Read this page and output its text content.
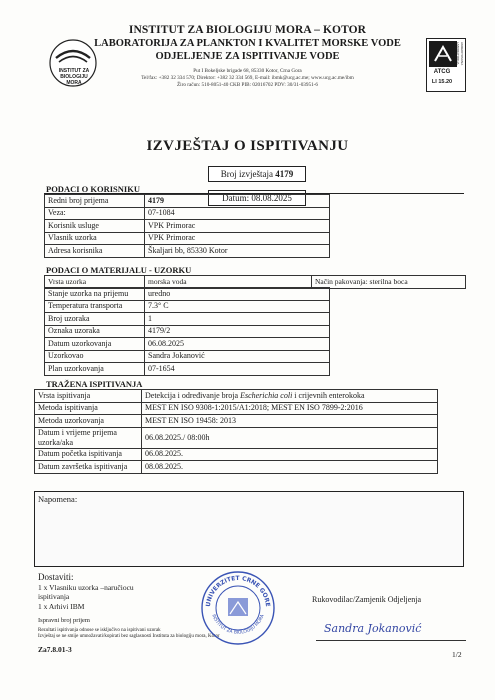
INSTITUT ZA BIOLOGIJU MORA – KOTOR
LABORATORIJA ZA PLANKTON I KVALITET MORSKE VODE
ODJELJENJE ZA ISPITIVANJE VODE
Put I Bokeljske brigade 68, 85330 Kotor, Crna Gora
Tel/fax: +382 32 334 570; Direktor: +382 32 334 569, E-mail: ibmk@ucg.ac.me; www.ucg.ac.me/ibm
Žiro račun: 510-8051-40 CKB PIB: 02016702 PDV: 30/31-03951-6
INSTITUT ZA
BIOLOGIJU
MORA
ATCG
LI 15.20
AKREDITOVANA LABORATORIJA
IZVJEŠTAJ O ISPITIVANJU
Broj izvještaja 4179
Datum: 08.08.2025
PODACI O KORISNIKU
Redni broj prijema	4179
Veza:	07-1084
Korisnik usluge	VPK Primorac
Vlasnik uzorka	VPK Primorac
Adresa korisnika	Škaljari bb, 85330 Kotor
PODACI O MATERIJALU - UZORKU
Vrsta uzorka	morska voda	Način pakovanja: sterilna boca
Stanje uzorka na prijemu	uredno
Temperatura transporta	7.3° C
Broj uzoraka	1
Oznaka uzoraka	4179/2
Datum uzorkovanja	06.08.2025
Uzorkovao	Sandra Jokanović
Plan uzorkovanja	07-1654
TRAŽENA ISPITIVANJA
Vrsta ispitivanja	Detekcija i određivanje broja Escherichia coli i crijevnih enterokoka
Metoda ispitivanja	MEST EN ISO 9308-1:2015/A1:2018; MEST EN ISO 7899-2:2016
Metoda uzorkovanja	MEST EN ISO 19458: 2013
Datum i vrijeme prijema uzorka/aka	06.08.2025./ 08:00h
Datum početka ispitivanja	06.08.2025.
Datum završetka ispitivanja	08.08.2025.
Napomena:
Dostaviti:
1 x Vlasniku uzorka –naručiocu
ispitivanja
1 x Arhivi IBM
Ispravni broj prijem
Rezultati ispitivanja odnose se isključivo na ispitivani uzorak
Izvještaj se ne smije umnožavati/kopirati bez saglasnosti Instituta za biologiju mora, Kotor
Za7.8.01-3
UNIVERZITET CRNE GORE
INSTITUT ZA BIOLOGIJU MORA
Rukovodilac/Zamjenik Odjeljenja
Sandra Jokanović
1/2
